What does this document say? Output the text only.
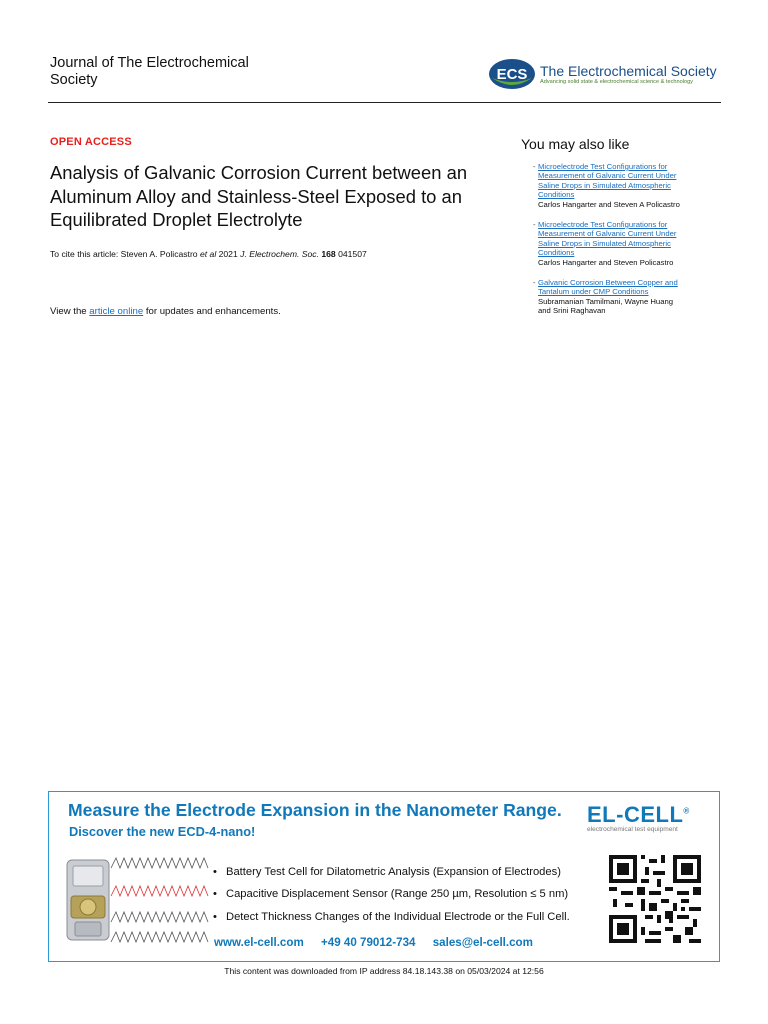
Journal of The Electrochemical Society	ECS The Electrochemical Society
Advancing solid state & electrochemical science & technology
OPEN ACCESS
Analysis of Galvanic Corrosion Current between an Aluminum Alloy and Stainless-Steel Exposed to an Equilibrated Droplet Electrolyte
To cite this article: Steven A. Policastro et al 2021 J. Electrochem. Soc. 168 041507
View the article online for updates and enhancements.
You may also like
- Microelectrode Test Configurations for
Measurement of Galvanic Current Under
Saline Drops in Simulated Atmospheric
Conditions
Carlos Hangarter and Steven A Policastro
- Microelectrode Test Configurations for
Measurement of Galvanic Current Under
Saline Drops in Simulated Atmospheric
Conditions
Carlos Hangarter and Steven Policastro
- Galvanic Corrosion Between Copper and
Tantalum under CMP Conditions
Subramanian Tamilmani, Wayne Huang
and Srini Raghavan
Measure the Electrode Expansion in the Nanometer Range.
Discover the new ECD-4-nano!
EL-CELL®
electrochemical test equipment
• Battery Test Cell for Dilatometric Analysis (Expansion of Electrodes)
• Capacitive Displacement Sensor (Range 250 µm, Resolution ≤ 5 nm)
• Detect Thickness Changes of the Individual Electrode or the Full Cell.
www.el-cell.com +49 40 79012-734 sales@el-cell.com
This content was downloaded from IP address 84.18.143.38 on 05/03/2024 at 12:56
